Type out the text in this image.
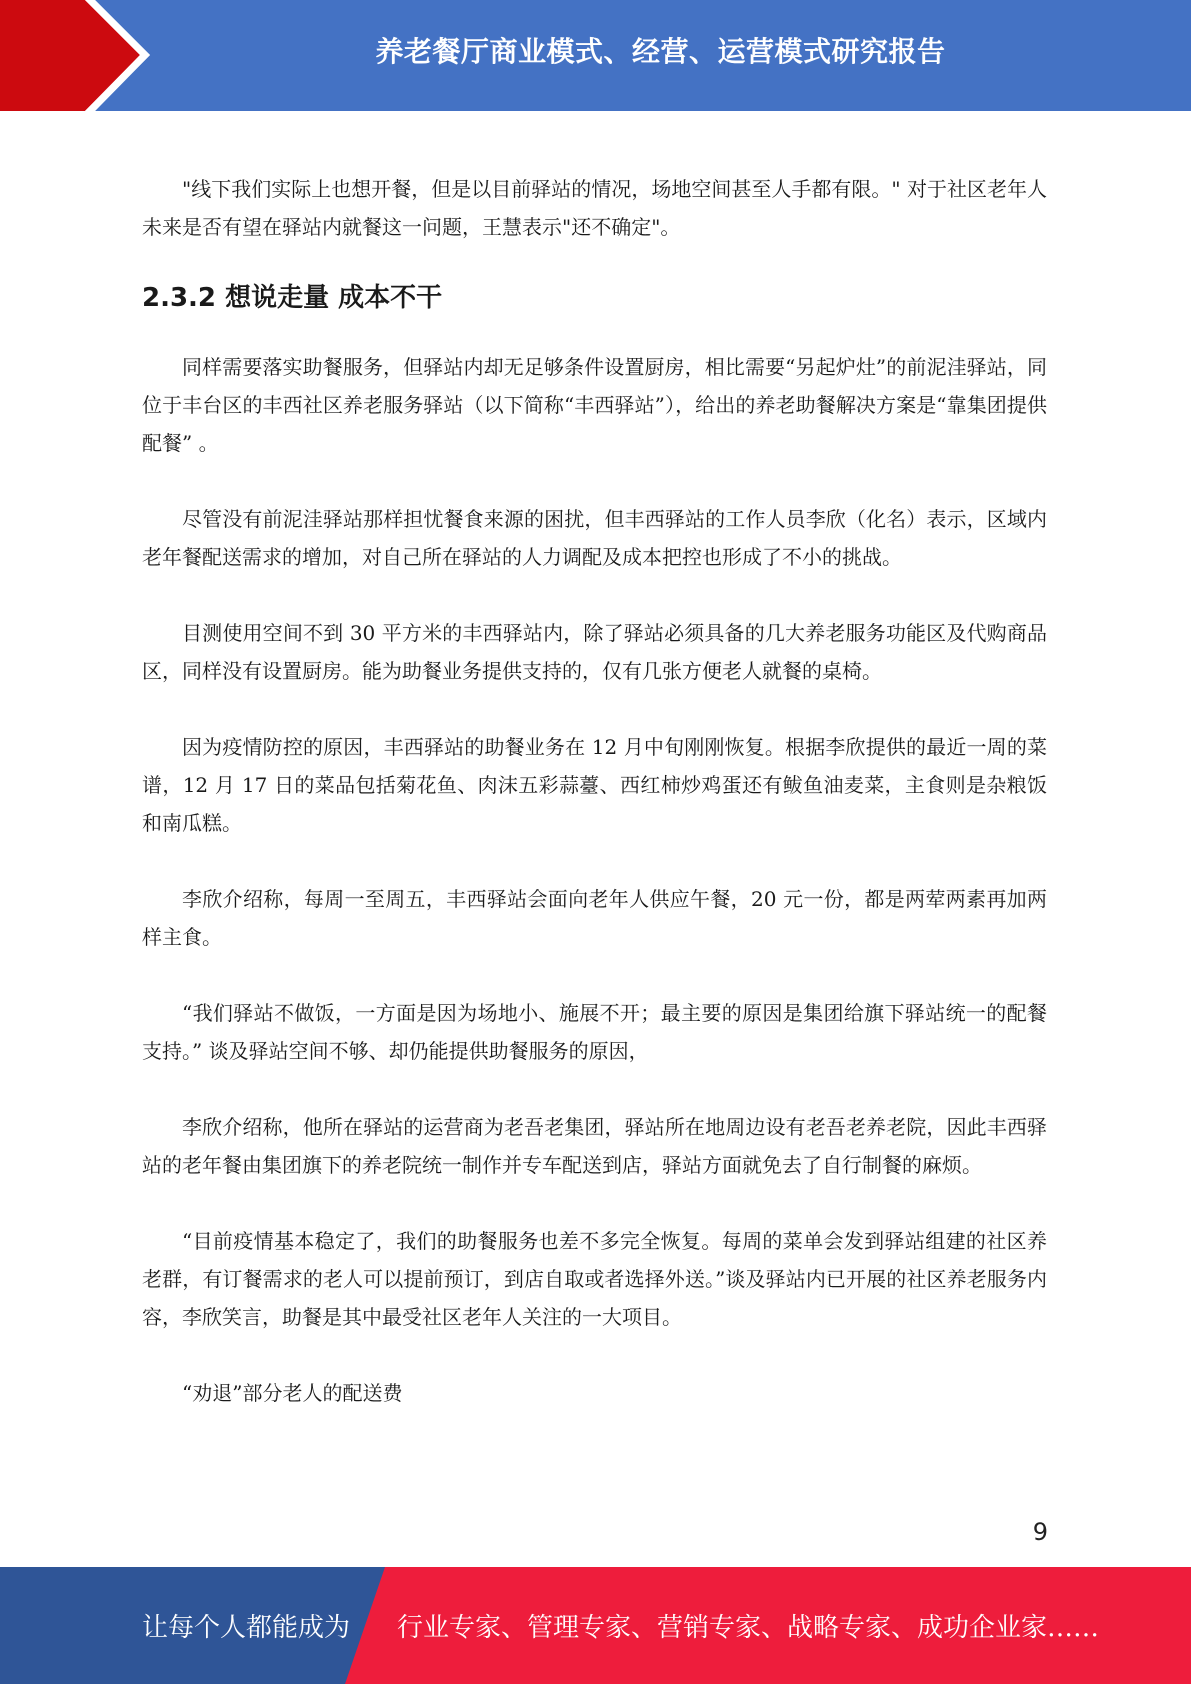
养老餐厅商业模式、经营、运营模式研究报告

"线下我们实际上也想开餐，但是以目前驿站的情况，场地空间甚至人手都有限。" 对于社区老年人未来是否有望在驿站内就餐这一问题，王慧表示"还不确定"。

2.3.2 想说走量 成本不干

同样需要落实助餐服务，但驿站内却无足够条件设置厨房，相比需要“另起炉灶”的前泥洼驿站，同位于丰台区的丰西社区养老服务驿站（以下简称“丰西驿站”），给出的养老助餐解决方案是“靠集团提供配餐” 。

尽管没有前泥洼驿站那样担忧餐食来源的困扰，但丰西驿站的工作人员李欣（化名）表示，区域内老年餐配送需求的增加，对自己所在驿站的人力调配及成本把控也形成了不小的挑战。

目测使用空间不到 30 平方米的丰西驿站内，除了驿站必须具备的几大养老服务功能区及代购商品区，同样没有设置厨房。能为助餐业务提供支持的，仅有几张方便老人就餐的桌椅。

因为疫情防控的原因，丰西驿站的助餐业务在 12 月中旬刚刚恢复。根据李欣提供的最近一周的菜谱，12 月 17 日的菜品包括菊花鱼、肉沫五彩蒜薹、西红柿炒鸡蛋还有鲅鱼油麦菜，主食则是杂粮饭和南瓜糕。

李欣介绍称，每周一至周五，丰西驿站会面向老年人供应午餐，20 元一份，都是两荤两素再加两样主食。

“我们驿站不做饭，一方面是因为场地小、施展不开；最主要的原因是集团给旗下驿站统一的配餐支持。” 谈及驿站空间不够、却仍能提供助餐服务的原因，

李欣介绍称，他所在驿站的运营商为老吾老集团，驿站所在地周边设有老吾老养老院，因此丰西驿站的老年餐由集团旗下的养老院统一制作并专车配送到店，驿站方面就免去了自行制餐的麻烦。

“目前疫情基本稳定了，我们的助餐服务也差不多完全恢复。每周的菜单会发到驿站组建的社区养老群，有订餐需求的老人可以提前预订，到店自取或者选择外送。”谈及驿站内已开展的社区养老服务内容，李欣笑言，助餐是其中最受社区老年人关注的一大项目。

“劝退”部分老人的配送费

9
让每个人都能成为 行业专家、管理专家、营销专家、战略专家、成功企业家……
